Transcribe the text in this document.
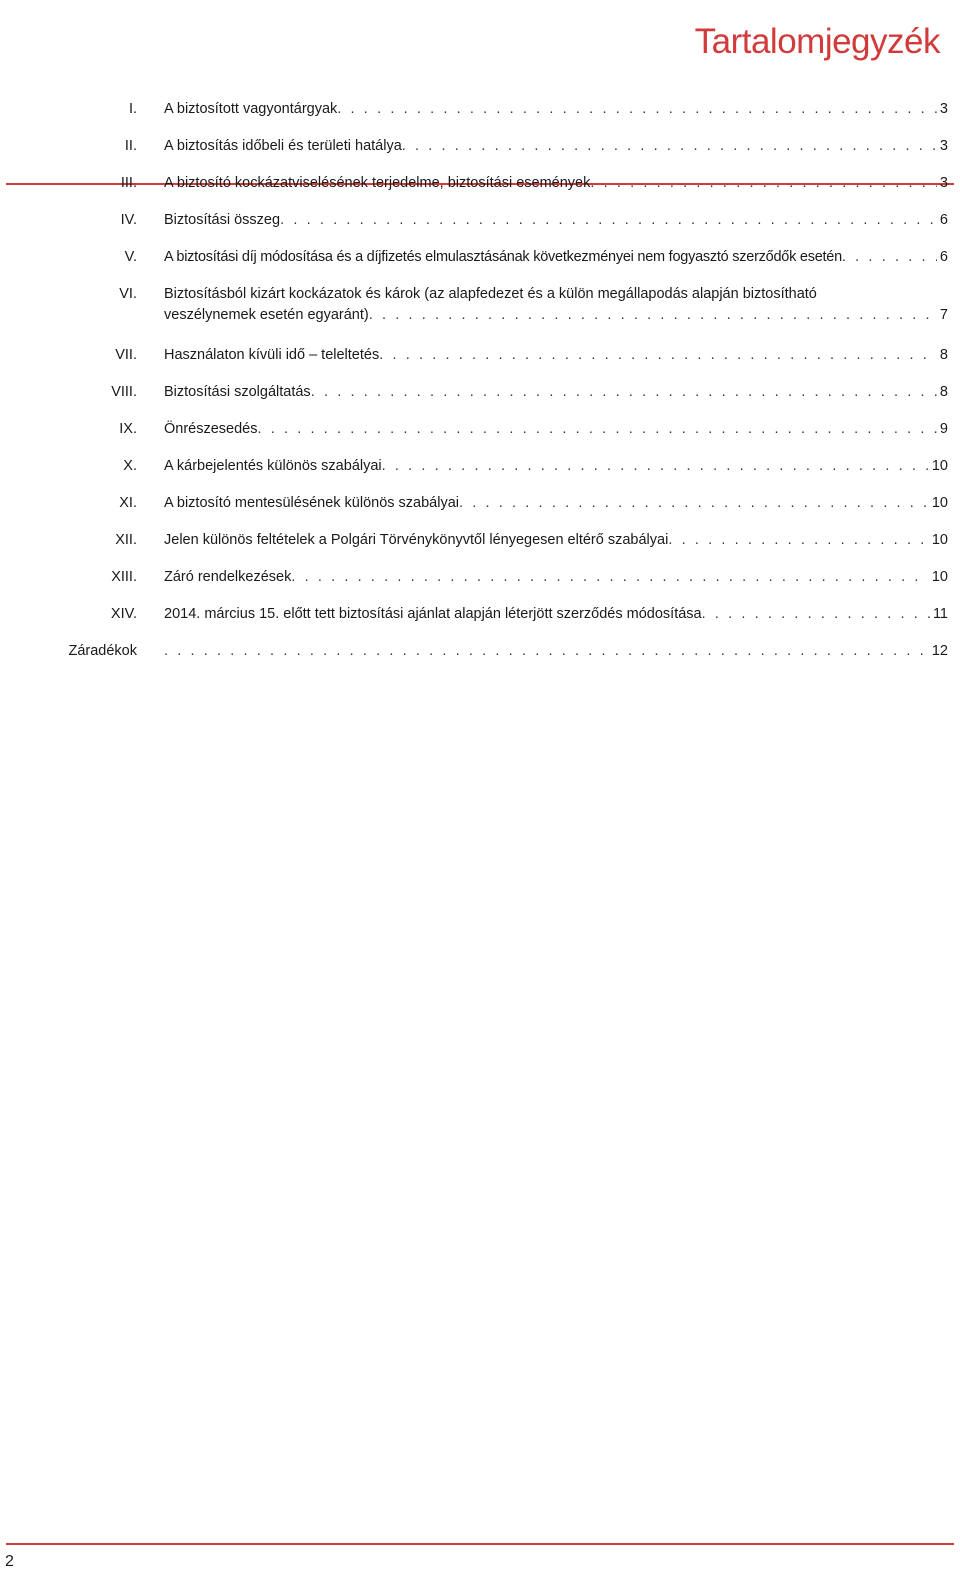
Tartalomjegyzék
I. A biztosított vagyontárgyak . . .	3
II. A biztosítás időbeli és területi hatálya . . .	3
III. A biztosító kockázatviselésének terjedelme, biztosítási események . . .	3
IV. Biztosítási összeg . . .	6
V. A biztosítási díj módosítása és a díjfizetés elmulasztásának következményei nem fogyasztó szerződők esetén . . .	6
VI. Biztosításból kizárt kockázatok és károk (az alapfedezet és a külön megállapodás alapján biztosítható
veszélynemek esetén egyaránt) . . .	7
VII. Használaton kívüli idő – teleltetés . . .	8
VIII. Biztosítási szolgáltatás . . .	8
IX. Önrészesedés . . .	9
X. A kárbejelentés különös szabályai . . .	10
XI. A biztosító mentesülésének különös szabályai . . .	10
XII. Jelen különös feltételek a Polgári Törvénykönyvtől lényegesen eltérő szabályai . . .	10
XIII. Záró rendelkezések . . .	10
XIV. 2014. március 15. előtt tett biztosítási ajánlat alapján léterjött szerződés módosítása . . .	11
Záradékok . . .	12
2
